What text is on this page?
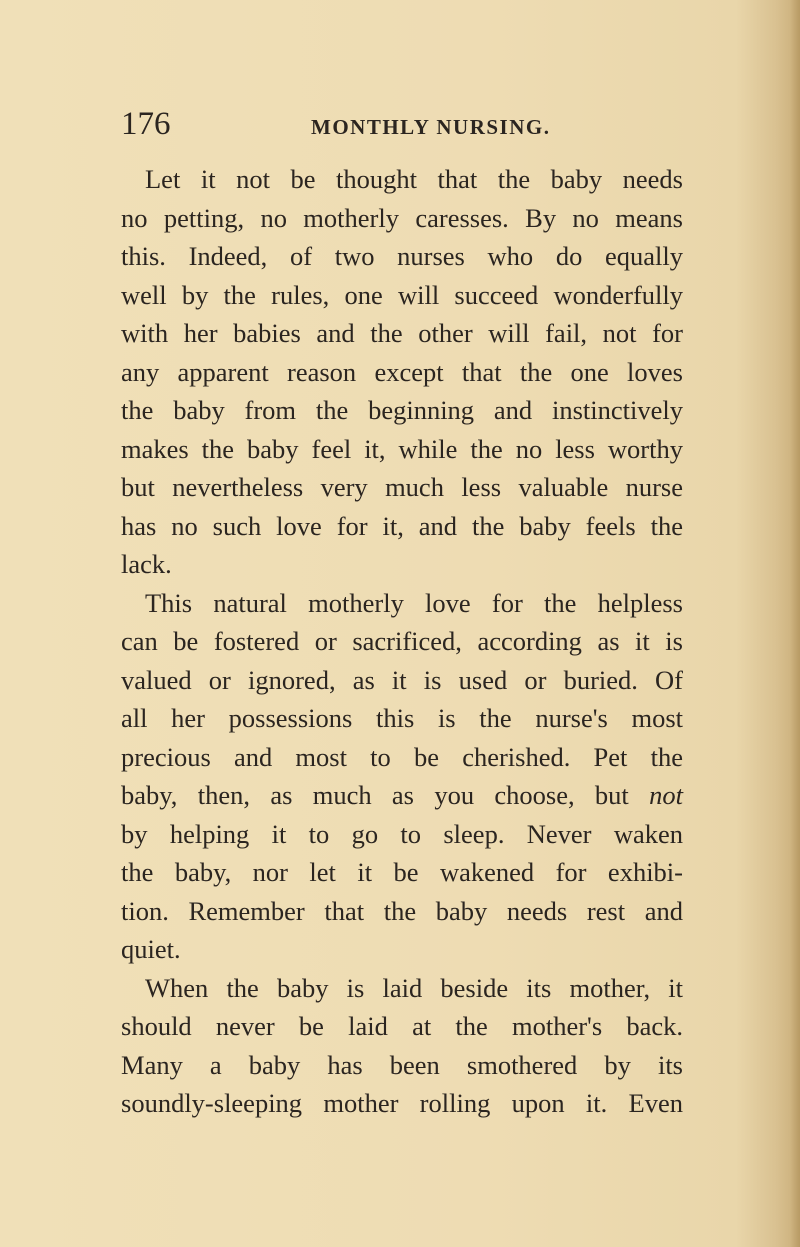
176	MONTHLY NURSING.
Let it not be thought that the baby needs
no petting, no motherly caresses. By no means
this. Indeed, of two nurses who do equally
well by the rules, one will succeed wonderfully
with her babies and the other will fail, not for
any apparent reason except that the one loves
the baby from the beginning and instinctively
makes the baby feel it, while the no less worthy
but nevertheless very much less valuable nurse
has no such love for it, and the baby feels the
lack.
This natural motherly love for the helpless
can be fostered or sacrificed, according as it is
valued or ignored, as it is used or buried. Of
all her possessions this is the nurse's most
precious and most to be cherished. Pet the
baby, then, as much as you choose, but not
by helping it to go to sleep. Never waken
the baby, nor let it be wakened for exhibi-
tion. Remember that the baby needs rest and
quiet.
When the baby is laid beside its mother, it
should never be laid at the mother's back.
Many a baby has been smothered by its
soundly-sleeping mother rolling upon it. Even
